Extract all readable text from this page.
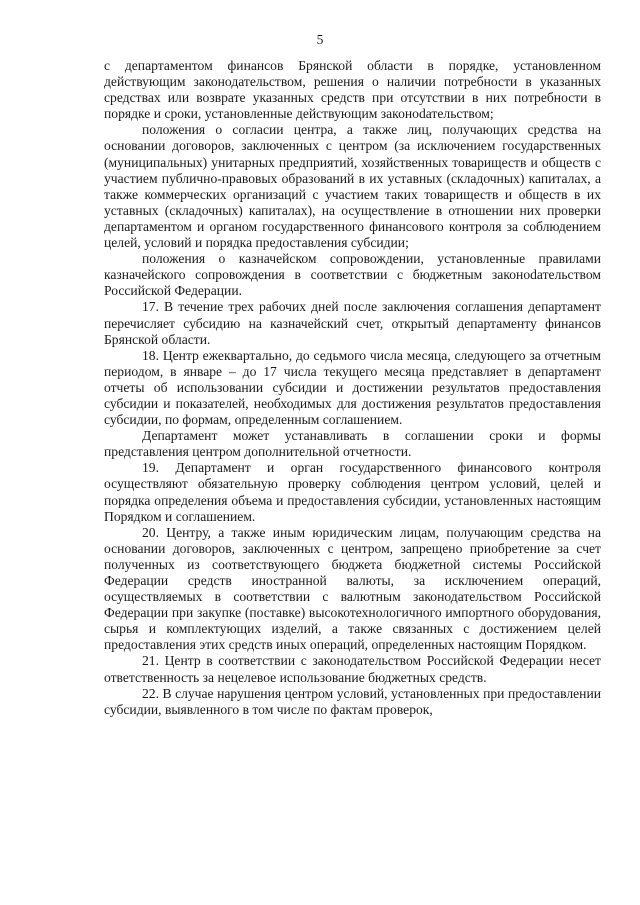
5

с департаментом финансов Брянской области в порядке, установленном действующим законодательством, решения о наличии потребности в указанных средствах или возврате указанных средств при отсутствии в них потребности в порядке и сроки, установленные действующим законоdательством;

положения о согласии центра, а также лиц, получающих средства на основании договоров, заключенных с центром (за исключением государственных (муниципальных) унитарных предприятий, хозяйственных товариществ и обществ с участием публично-правовых образований в их уставных (складочных) капиталах, а также коммерческих организаций с участием таких товариществ и обществ в их уставных (складочных) капиталах), на осуществление в отношении них проверки департаментом и органом государственного финансового контроля за соблюдением целей, условий и порядка предоставления субсидии;

положения о казначейском сопровождении, установленные правилами казначейского сопровождения в соответствии с бюджетным законоdательством Российской Федерации.

17. В течение трех рабочих дней после заключения соглашения департамент перечисляет субсидию на казначейский счет, открытый департаменту финансов Брянской области.

18. Центр ежеквартально, до седьмого числа месяца, следующего за отчетным периодом, в январе – до 17 числа текущего месяца представляет в департамент отчеты об использовании субсидии и достижении результатов предоставления субсидии и показателей, необходимых для достижения результатов предоставления субсидии, по формам, определенным соглашением.

Департамент может устанавливать в соглашении сроки и формы представления центром дополнительной отчетности.

19. Департамент и орган государственного финансового контроля осуществляют обязательную проверку соблюдения центром условий, целей и порядка определения объема и предоставления субсидии, установленных настоящим Порядком и соглашением.

20. Центру, а также иным юридическим лицам, получающим средства на основании договоров, заключенных с центром, запрещено приобретение за счет полученных из соответствующего бюджета бюджетной системы Российской Федерации средств иностранной валюты, за исключением операций, осуществляемых в соответствии с валютным законодательством Российской Федерации при закупке (поставке) высокотехнологичного импортного оборудования, сырья и комплектующих изделий, а также связанных с достижением целей предоставления этих средств иных операций, определенных настоящим Порядком.

21. Центр в соответствии с законодательством Российской Федерации несет ответственность за нецелевое использование бюджетных средств.

22. В случае нарушения центром условий, установленных при предоставлении субсидии, выявленного в том числе по фактам проверок,
